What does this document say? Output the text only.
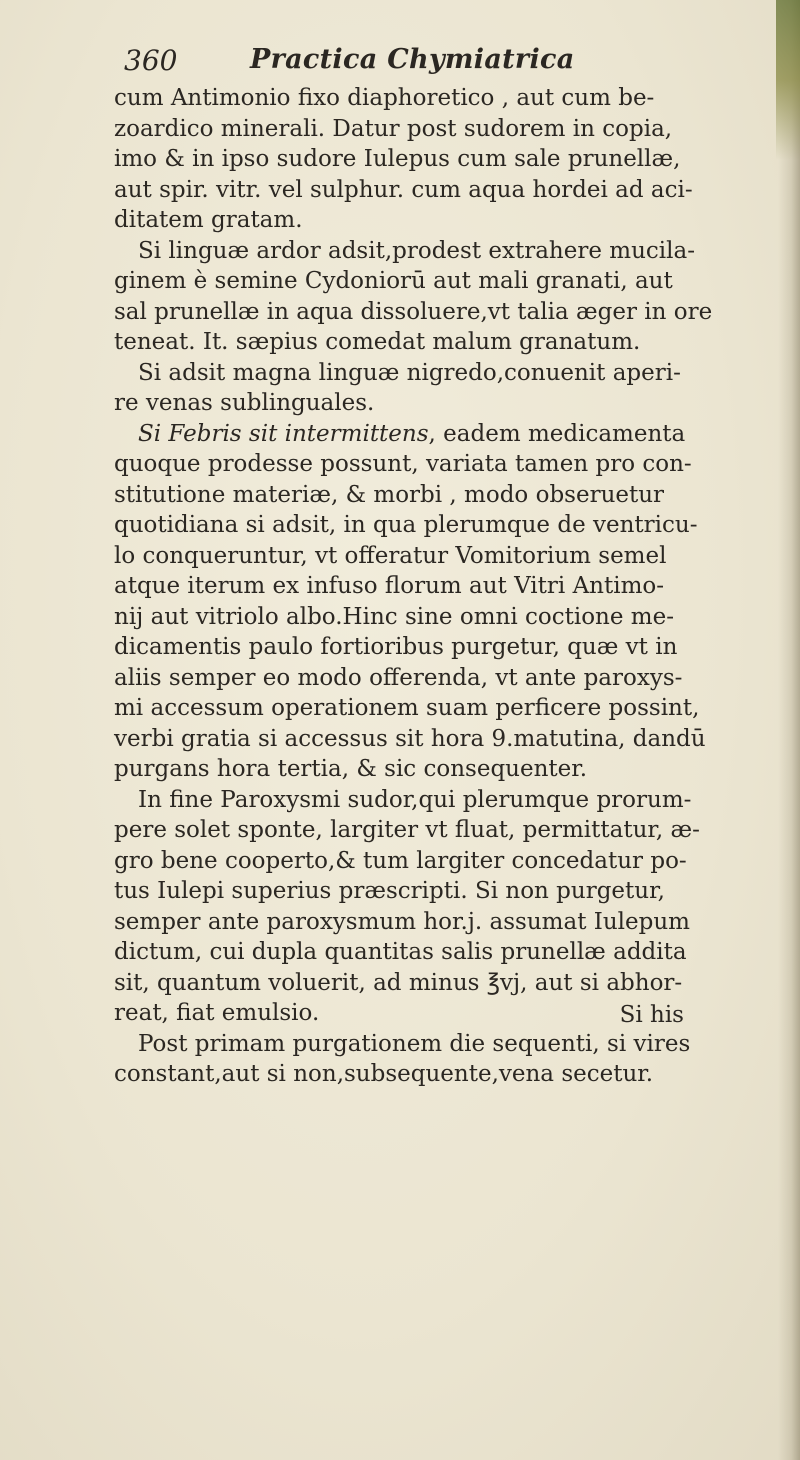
360	Practica Chymiatrica
cum Antimonio fixo diaphoretico , aut cum be-
zoardico minerali. Datur post sudorem in copia,
imo & in ipso sudore Iulepus cum sale prunellæ,
aut spir. vitr. vel sulphur. cum aqua hordei ad aci-
ditatem gratam.
Si linguæ ardor adsit,prodest extrahere mucila-
ginem è semine Cydoniorū aut mali granati, aut
sal prunellæ in aqua dissoluere,vt talia æger in ore
teneat. It. sæpius comedat malum granatum.
Si adsit magna linguæ nigredo,conuenit aperi-
re venas sublinguales.
Si Febris sit intermittens, eadem medicamenta
quoque prodesse possunt, variata tamen pro con-
stitutione materiæ, & morbi , modo obseruetur
quotidiana si adsit, in qua plerumque de ventricu-
lo conqueruntur, vt offeratur Vomitorium semel
atque iterum ex infuso florum aut Vitri Antimo-
nij aut vitriolo albo.Hinc sine omni coctione me-
dicamentis paulo fortioribus purgetur, quæ vt in
aliis semper eo modo offerenda, vt ante paroxys-
mi accessum operationem suam perficere possint,
verbi gratia si accessus sit hora 9.matutina, dandū
purgans hora tertia, & sic consequenter.
In fine Paroxysmi sudor,qui plerumque prorum-
pere solet sponte, largiter vt fluat, permittatur, æ-
gro bene cooperto,& tum largiter concedatur po-
tus Iulepi superius præscripti. Si non purgetur,
semper ante paroxysmum hor.j. assumat Iulepum
dictum, cui dupla quantitas salis prunellæ addita
sit, quantum voluerit, ad minus ℥vj, aut si abhor-
reat, fiat emulsio.
Post primam purgationem die sequenti, si vires
constant,aut si non,subsequente,vena secetur.
Si his
